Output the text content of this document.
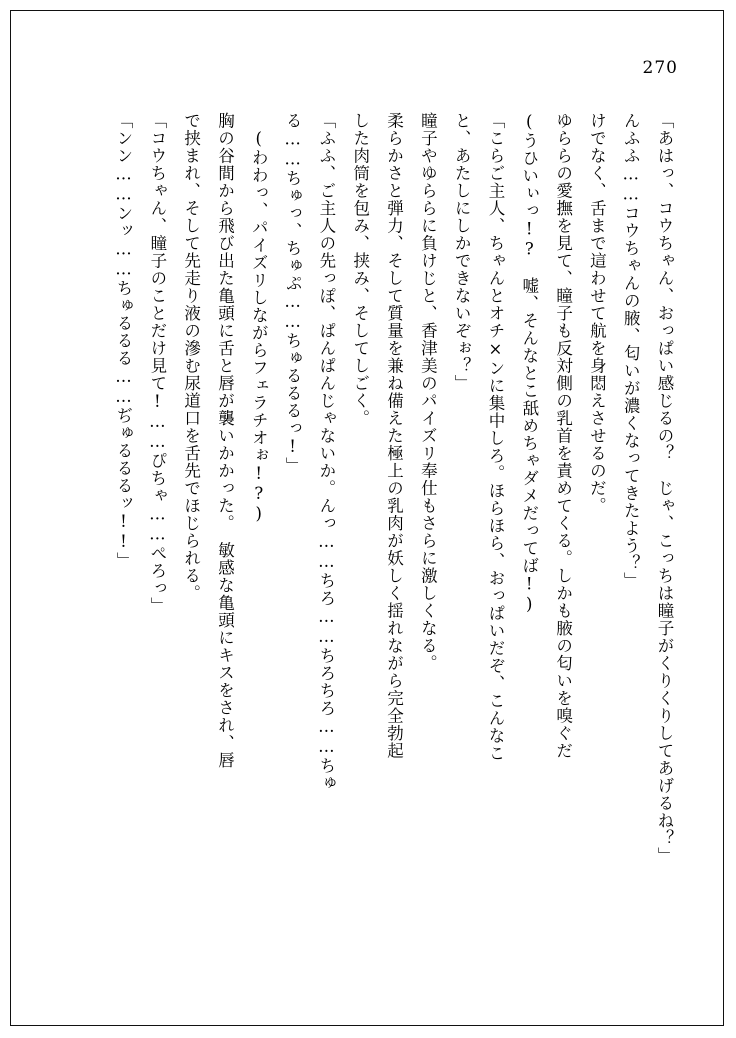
270

「あはっ、コウちゃん、おっぱい感じるの？　じゃ、こっちは瞳子がくりくりしてあげるね？」

んふふ……コウちゃんの腋、匂いが濃くなってきたよう？」

けでなく、舌まで這わせて航を身悶えさせるのだ。

ゆららの愛撫を見て、瞳子も反対側の乳首を責めてくる。しかも腋の匂いを嗅ぐだ

(うひいぃっ!?　嘘、そんなとこ舐めちゃダメだってば!)

「こらご主人、ちゃんとオチ×ンに集中しろ。ほらほら、おっぱいだぞ、こんなこ

と、あたしにしかできないぞぉ？」

瞳子やゆららに負けじと、香津美のパイズリ奉仕もさらに激しくなる。

柔らかさと弾力、そして質量を兼ね備えた極上の乳肉が妖しく揺れながら完全勃起

した肉筒を包み、挟み、そしてしごく。

「ふふ、ご主人の先っぽ、ぱんぱんじゃないか。んっ……ちろ……ちろちろ……ちゅ

る……ちゅっ、ちゅぷ……ちゅるるるっ!」

(わわっ、パイズリしながらフェラチオぉ!?)

胸の谷間から飛び出た亀頭に舌と唇が襲いかかった。　敏感な亀頭にキスをされ、唇

で挟まれ、そして先走り液の滲む尿道口を舌先でほじられる。

「コウちゃん、瞳子のことだけ見て!……ぴちゃ……ぺろっ」

「ンン……ンッ……ちゅるるる……ぢゅるるるッ!!」
